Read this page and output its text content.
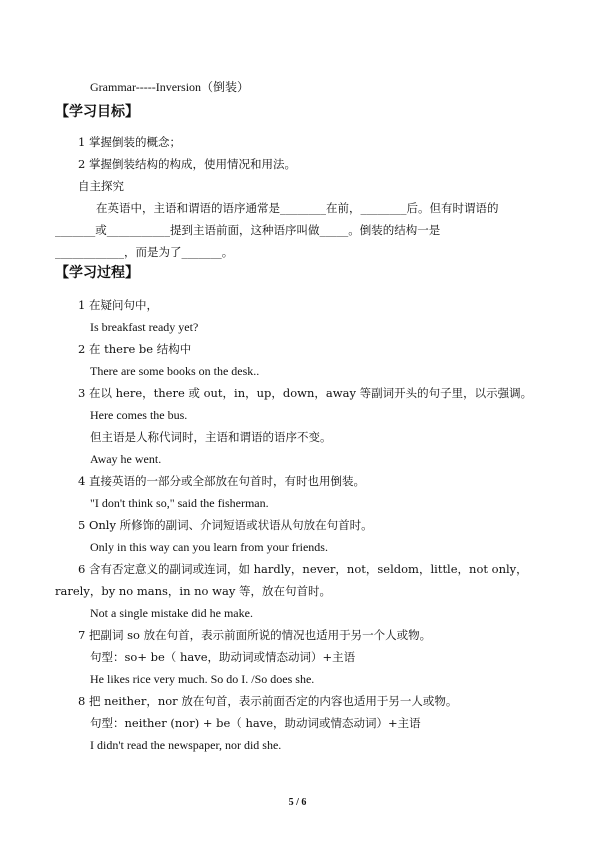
Grammar-----Inversion（倒装）
【学习目标】
1 掌握倒装的概念；
2 掌握倒装结构的构成，使用情况和用法。
自主探究
在英语中，主语和谓语的语序通常是________在前，________后。但有时谓语的
_______或___________提到主语前面，这种语序叫做_____。倒装的结构一是
____________，而是为了_______。
【学习过程】
1 在疑问句中，
Is breakfast ready yet?
2 在 there be 结构中
There are some books on the desk..
3 在以 here，there 或 out，in，up，down，away 等副词开头的句子里，以示强调。
Here comes the bus.
但主语是人称代词时，主语和谓语的语序不变。
Away he went.
4 直接英语的一部分或全部放在句首时，有时也用倒装。
"I don't think so," said the fisherman.
5 Only 所修饰的副词、介词短语或状语从句放在句首时。
Only in this way can you learn from your friends.
6 含有否定意义的副词或连词，如 hardly，never，not，seldom，little，not only，
rarely，by no mans，in no way 等，放在句首时。
Not a single mistake did he make.
7 把副词 so 放在句首，表示前面所说的情况也适用于另一个人或物。
句型：so+ be（ have，助动词或情态动词）+主语
He likes rice very much. So do I. /So does she.
8 把 neither，nor 放在句首，表示前面否定的内容也适用于另一人或物。
句型：neither (nor) + be（ have，助动词或情态动词）+主语
I didn't read the newspaper, nor did she.
5 / 6
